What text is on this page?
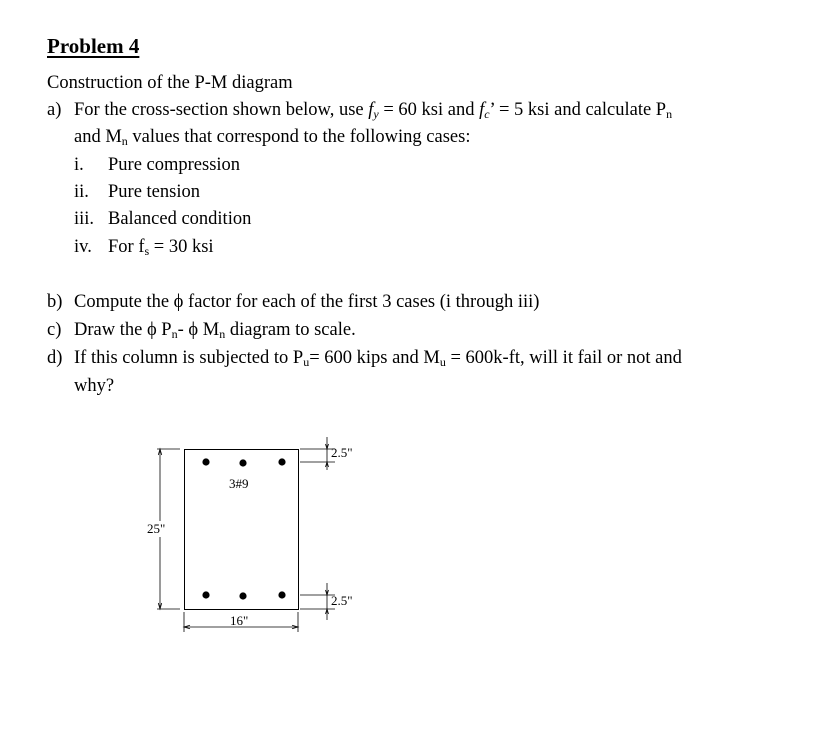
Problem 4
Construction of the P-M diagram
a) For the cross-section shown below, use $f_y = 60$ ksi and $f_c$’ = 5 ksi and calculate $P_n$
and $M_n$ values that correspond to the following cases:
i. Pure compression
ii. Pure tension
iii. Balanced condition
iv. For $f_s = 30$ ksi
b) Compute the ϕ factor for each of the first 3 cases (i through iii)
c) Draw the ϕ $P_n-$ ϕ $M_n$ diagram to scale.
d) If this column is subjected to $P_u= 600$ kips and $M_u = 600k-ft$, will it fail or not and
why?
3#9
25"
16"
2.5"
2.5"
